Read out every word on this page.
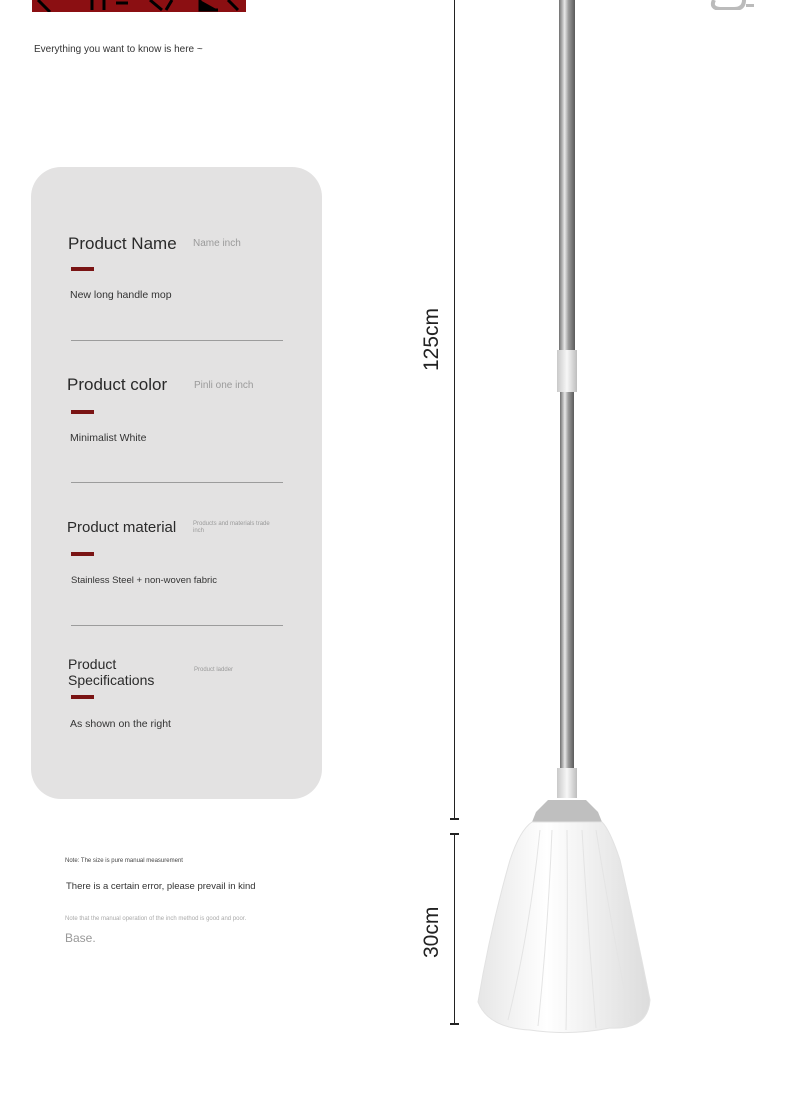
Everything you want to know is here ~
Product Name Name inch
New long handle mop
Product color	Pinli one inch
Minimalist White
Product material	Products and materials trade inch
Stainless Steel + non-woven fabric
Product Specifications
Product ladder
As shown on the right
Note: The size is pure manual measurement
There is a certain error, please prevail in kind
Note that the manual operation of the inch method is good and poor.
Base.
125cm
30cm
